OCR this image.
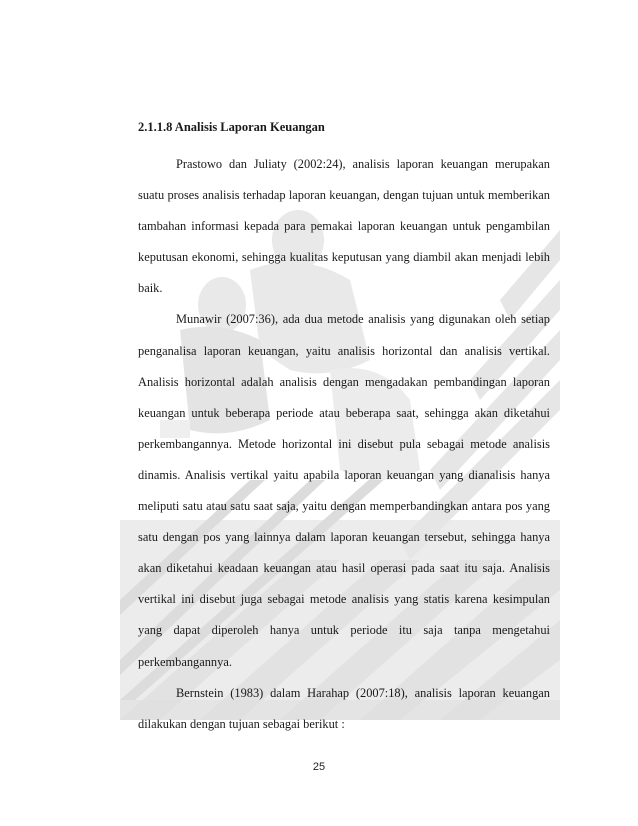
2.1.1.8 Analisis Laporan Keuangan

Prastowo dan Juliaty (2002:24), analisis laporan keuangan merupakan suatu proses analisis terhadap laporan keuangan, dengan tujuan untuk memberikan tambahan informasi kepada para pemakai laporan keuangan untuk pengambilan keputusan ekonomi, sehingga kualitas keputusan yang diambil akan menjadi lebih baik.

Munawir (2007:36), ada dua metode analisis yang digunakan oleh setiap penganalisa laporan keuangan, yaitu analisis horizontal dan analisis vertikal. Analisis horizontal adalah analisis dengan mengadakan pembandingan laporan keuangan untuk beberapa periode atau beberapa saat, sehingga akan diketahui perkembangannya. Metode horizontal ini disebut pula sebagai metode analisis dinamis. Analisis vertikal yaitu apabila laporan keuangan yang dianalisis hanya meliputi satu atau satu saat saja, yaitu dengan memperbandingkan antara pos yang satu dengan pos yang lainnya dalam laporan keuangan tersebut, sehingga hanya akan diketahui keadaan keuangan atau hasil operasi pada saat itu saja. Analisis vertikal ini disebut juga sebagai metode analisis yang statis karena kesimpulan yang dapat diperoleh hanya untuk periode itu saja tanpa mengetahui perkembangannya.

Bernstein (1983) dalam Harahap (2007:18), analisis laporan keuangan dilakukan dengan tujuan sebagai berikut :

25
